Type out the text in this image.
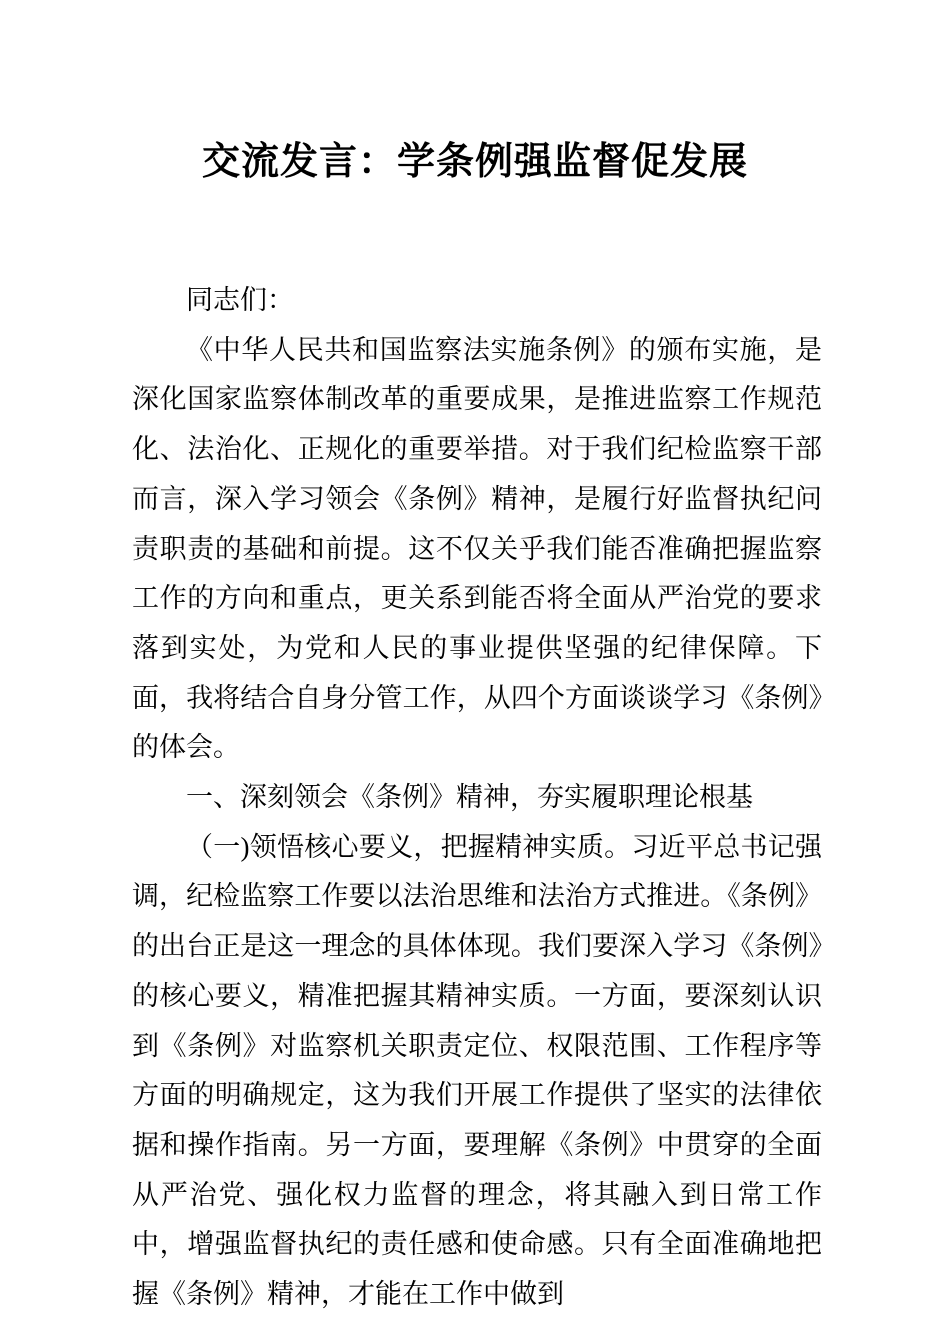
交流发言：学条例强监督促发展

同志们：

《中华人民共和国监察法实施条例》的颁布实施，是深化国家监察体制改革的重要成果，是推进监察工作规范化、法治化、正规化的重要举措。对于我们纪检监察干部而言，深入学习领会《条例》精神，是履行好监督执纪问责职责的基础和前提。这不仅关乎我们能否准确把握监察工作的方向和重点，更关系到能否将全面从严治党的要求落到实处，为党和人民的事业提供坚强的纪律保障。下面，我将结合自身分管工作，从四个方面谈谈学习《条例》的体会。

一、深刻领会《条例》精神，夯实履职理论根基

（一)领悟核心要义，把握精神实质。习近平总书记强调，纪检监察工作要以法治思维和法治方式推进。《条例》的出台正是这一理念的具体体现。我们要深入学习《条例》的核心要义，精准把握其精神实质。一方面，要深刻认识到《条例》对监察机关职责定位、权限范围、工作程序等方面的明确规定，这为我们开展工作提供了坚实的法律依据和操作指南。另一方面，要理解《条例》中贯穿的全面从严治党、强化权力监督的理念，将其融入到日常工作中，增强监督执纪的责任感和使命感。只有全面准确地把握《条例》精神，才能在工作中做到
